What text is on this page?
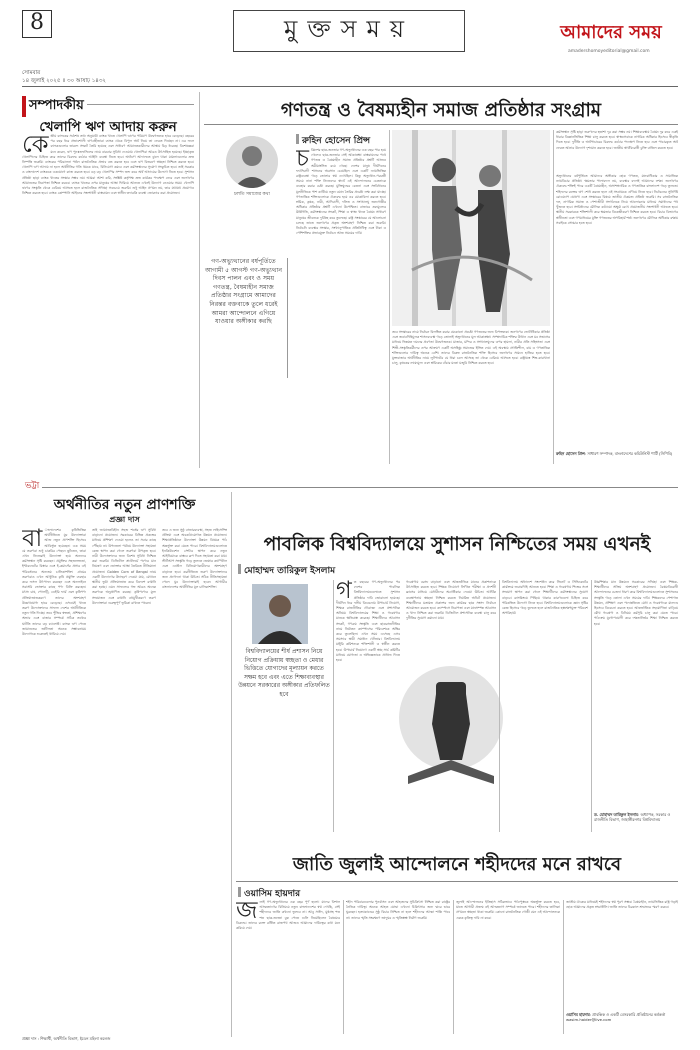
8
সোমবার
১৪ জুলাই ২০২৫ ॥ ৩০ আষাঢ় ১৪৩২
মুক্তসময়	আমাদের সময়
amadershomoyeditorial@gmail.com
সম্পাদকীয়
খেলাপি ঋণ আদায় করুন
কেন্দ্রীয় ব্যাংকের সর্বশেষ তথ্য অনুযায়ী ব্যাংক খাতে খেলাপি ঋণের পরিমাণ উদ্বেগজনক হারে বেড়েছে। বছরের পর বছর ধরে প্রভাবশালী ঋণগ্রহীতারা ব্যাংক থেকে বিপুল অর্থ নিয়ে তা ফেরত দিচ্ছেন না। এর ফলে ব্যাংকগুলোর তারল্য সংকট তৈরি হয়েছে এবং সাধারণ আমানতকারীদের আস্থায় চিড় ধরেছে। বিশেষজ্ঞরা মনে করেন, ঋণ পুনঃতফসিলের নামে বারবার সুবিধা দেওয়ায় খেলাপিরা আরও উৎসাহিত হয়েছে। ইচ্ছাকৃত খেলাপিদের চিহ্নিত করে তাদের বিরুদ্ধে কঠোর আইনি ব্যবস্থা নিতে হবে। অর্থঋণ আদালতে ঝুলে থাকা মামলাগুলোর দ্রুত নিষ্পত্তি জরুরি। ব্যাংকের পরিচালনা পর্ষদে রাজনৈতিক প্রভাব বন্ধ করতে হবে এবং ঋণ বিতরণে স্বচ্ছতা নিশ্চিত করতে হবে। খেলাপি ঋণ আদায় না হলে অর্থনীতির গতি থমকে যাবে, বিনিয়োগ কমবে এবং কর্মসংস্থানের সুযোগ সংকুচিত হবে। তাই সরকার ও বাংলাদেশ ব্যাংককে একযোগে কাজ করতে হবে। বড় বড় খেলাপির সম্পদ জব্দ করে অর্থ আদায়ের উদ্যোগ নিতে হবে। সুশাসন প্রতিষ্ঠা ছাড়া ব্যাংক খাতের সংস্কার সম্ভব নয়। আমরা আশা করি, সংশ্লিষ্ট কর্তৃপক্ষ দ্রুত কার্যকর পদক্ষেপ নেবে এবং জনগণের আমানতের নিরাপত্তা নিশ্চিত করবে। ব্যাংক খাতের ওপর মানুষের আস্থা ফিরিয়ে আনতে এখনই উদ্যোগ নেওয়ার সময়। খেলাপি ঋণের সংস্কৃতি থেকে বেরিয়ে আসতে হলে রাজনৈতিক সদিচ্ছা সবচেয়ে জরুরি। শুধু আইন প্রণয়ন নয়, তার যথাযথ প্রয়োগও নিশ্চিত করতে হবে। ব্যাংক কোম্পানি আইনের সংশোধনী বাস্তবায়ন এবং স্বাধীন তদারকি ব্যবস্থা জোরদার করা প্রয়োজন।
গণতন্ত্র ও বৈষম্যহীন সমাজ প্রতিষ্ঠার সংগ্রাম
রুহিন হোসেন প্রিন্স
চলতি সমাজের কথা
গণ-অভ্যুত্থানের বর্ষপূর্তিতে আগামী ৫ আগস্ট গণ-অভ্যুত্থান দিবস পালন এবং ও সময় গণতন্ত্র, বৈষম্যহীন সমাজ প্রতিষ্ঠার সংগ্রামে আমাদের নিরন্তর বক্তব্যকে তুলে ধরেই আমরা আন্দোলনে এগিয়ে যাওয়ার অঙ্গীকার করছি
চব্বিশের ছাত্র-জনতার গণ-অভ্যুত্থানের এক বছর পার হয়ে গেলেও ছাত্র-জনতার সেই আকাঙ্ক্ষা বাস্তবায়নের পথে গণতন্ত্র ও বৈষম্যহীন সমাজ প্রতিষ্ঠার প্রশ্নটি আজও অমীমাংসিত রয়ে গেছে। দেশের মানুষ দীর্ঘদিনের ফ্যাসিবাদী শাসনের অবসান চেয়েছিল এবং একটি ন্যায়ভিত্তিক রাষ্ট্রব্যবস্থা গড়ে তোলার স্বপ্ন দেখেছিল। কিন্তু অভ্যুত্থান-পরবর্তী সময়ে নানা শক্তি নিজেদের স্বার্থে এই আন্দোলনের চেতনাকে ব্যবহার করার চেষ্টা করছে। মুক্তিযুদ্ধের চেতনা এবং সংবিধানের মূলনীতিকে পাশ কাটিয়ে নতুন বয়ান তৈরির প্রচেষ্টা লক্ষ করা যাচ্ছে। গণতান্ত্রিক শক্তিগুলোকে ঐক্যবদ্ধ হয়ে এর মোকাবিলা করতে হবে। শ্রমিক, কৃষক, নারী, আদিবাসী, দলিত ও সংখ্যালঘু জনগোষ্ঠীর অধিকার প্রতিষ্ঠার প্রশ্নটি এখনো উপেক্ষিত। বাজারে দ্রব্যমূল্যের ঊর্ধ্বগতি, কর্মসংস্থানের সংকট, শিক্ষা ও স্বাস্থ্য খাতে বৈষম্য সাধারণ মানুষের জীবনকে দুর্বিষহ করে তুলেছে। রাষ্ট্র সংস্কারের যে আলোচনা চলছে তাতে জনগণের প্রকৃত অংশগ্রহণ নিশ্চিত করা জরুরি। নির্বাচনি ব্যবস্থার সংস্কার, সংখ্যানুপাতিক প্রতিনিধিত্ব এবং টাকা ও পেশিশক্তির প্রভাবমুক্ত নির্বাচন আজ সময়ের দাবি।
তবে সংস্কারের নামে নির্বাচন বিলম্বিত করার যেকোনো প্রচেষ্টা গণতন্ত্রের জন্য বিপজ্জনক। জনগণের ভোটাধিকার প্রতিষ্ঠা এবং জবাবদিহিমূলক শাসনব্যবস্থা গড়ে তোলাই অভ্যুত্থানের মূল আকাঙ্ক্ষা। সাম্প্রদায়িক শক্তির উত্থান এবং মব সন্ত্রাসের মাধ্যমে ভিন্নমত দমনের প্রবণতা উদ্বেগজনক। মাজার, মন্দির ও সংখ্যালঘুদের ওপর হামলা, নারীর প্রতি সহিংসতা এবং শিল্পী-সংস্কৃতিকর্মীদের ওপর আক্রমণ একটি অসহিষ্ণু সমাজের ইঙ্গিত দেয়। এই অবস্থায় প্রগতিশীল, বাম ও গণতান্ত্রিক শক্তিগুলোর দায়িত্ব অনেক বেশি। তাদের বিকল্প রাজনৈতিক শক্তি হিসেবে জনগণের সামনে হাজির হতে হবে। মুক্তবাজার অর্থনীতির নামে লুটপাটের যে ধারা চলে আসছে তা থেকে বেরিয়ে আসতে হবে। রাষ্ট্রায়ত্ত শিল্প-কারখানা চালু, কৃষকের ন্যায্যমূল্য এবং শ্রমিকের বাঁচার মতো মজুরি নিশ্চিত করতে হবে।
কর্মসংস্থান সৃষ্টি ছাড়া তরুণদের হতাশা দূর করা সম্ভব নয়। শিক্ষাব্যবস্থায় বৈষম্য দূর করে একই ধারার বিজ্ঞানভিত্তিক শিক্ষা চালু করতে হবে। স্বাস্থ্যসেবাকে নাগরিক অধিকার হিসেবে স্বীকৃতি দিতে হবে। দুর্নীতি ও অর্থপাচারের বিরুদ্ধে কঠোর পদক্ষেপ নিতে হবে এবং পাচারকৃত অর্থ ফেরত আনার উদ্যোগ দৃশ্যমান করতে হবে। জাতীয় স্বার্থবিরোধী চুক্তি বাতিল করতে হবে।
অভ্যুত্থানের বর্ষপূর্তিতে আমাদের অঙ্গীকার হোক গণতন্ত্র, মানবাধিকার ও সামাজিক ন্যায়বিচার প্রতিষ্ঠা। ক্ষমতার পালাবদল নয়, ব্যবস্থার বদলই আমাদের লক্ষ্য। জনগণের ঐক্যবদ্ধ শক্তিই পারে একটি বৈষম্যহীন, অসাম্প্রদায়িক ও গণতান্ত্রিক বাংলাদেশ গড়ে তুলতে। শহিদদের রক্তের ঋণ শোধ করতে হলে এই সংগ্রামকে এগিয়ে নিতে হবে। নির্বাচনের সুনির্দিষ্ট রোডম্যাপ ঘোষণা এবং সংস্কারের বিষয়ে জাতীয় ঐকমত্য প্রতিষ্ঠা জরুরি। সব রাজনৈতিক দল, নাগরিক সমাজ ও পেশাজীবী সংগঠনকে নিয়ে আলোচনার মাধ্যমে সমাধানের পথ খুঁজতে হবে। সংবিধানের মৌলিক কাঠামো অক্ষুণ্ণ রেখে প্রয়োজনীয় সংশোধনী আনতে হবে। স্থানীয় সরকারকে শক্তিশালী করে ক্ষমতার বিকেন্দ্রীকরণ নিশ্চিত করতে হবে। বিচার বিভাগের স্বাধীনতা এবং গণমাধ্যমের মুক্তি গণতন্ত্রের অপরিহার্য শর্ত। জনগণের মৌলিক অধিকার রক্ষায় সবাইকে সোচ্চার হতে হবে।
রুহিন হোসেন প্রিন্স: সাধারণ সম্পাদক, বাংলাদেশের কমিউনিস্ট পার্টি (সিপিবি)
ভট্টা
অর্থনীতির নতুন প্রাণশক্তি
প্রজ্ঞা দাস
বা ংলাদেশের কৃষিভিত্তিক অর্থনীতিতে যুব উদ্যোক্তারা আজ নতুন প্রাণশক্তি হিসেবে আবির্ভূত হয়েছেন। এক সময় যে তরুণরা শুধু চাকরির পেছনে ছুটতেন, তারা এখন নিজেরাই উদ্যোক্তা হয়ে অন্যদের কর্মসংস্থান সৃষ্টি করছেন। প্রযুক্তির সহজলভ্যতা, ইন্টারনেটের বিস্তার এবং ই-কমার্সের প্রসার এই পরিবর্তনের অন্যতম চালিকাশক্তি। গ্রামের তরুণরাও এখন আধুনিক কৃষি প্রযুক্তি ব্যবহার করে ফসল উৎপাদন করছেন এবং অনলাইনে সরাসরি ভোক্তার কাছে পণ্য বিক্রি করছেন। মৎস্য চাষ, পোলট্রি, ডেইরি ফার্ম এবং কৃষিপণ্য প্রক্রিয়াজাতকরণে তাদের অংশগ্রহণ উল্লেখযোগ্য হারে বেড়েছে। এসএমই খাতে তরুণ উদ্যোক্তাদের সাফল্য দেশের অর্থনীতিকে নতুন গতি দিচ্ছে। তবে পুঁজির স্বল্পতা, প্রশিক্ষণের অভাব এবং বাজার সম্পর্কে সঠিক তথ্যের ঘাটতি তাদের বড় চ্যালেঞ্জ। ব্যাংক ঋণ পেতে জামানতের জটিলতা অনেক সম্ভাবনাময় উদ্যোগকে শুরুতেই থামিয়ে দেয়।
তাই জামানতবিহীন সহজ শর্তের ঋণ সুবিধা বাড়ানো প্রয়োজন। সরকারের বিভিন্ন প্রকল্পের মাধ্যমে প্রশিক্ষণ দেওয়া হলেও তা সবার কাছে পৌঁছায় না। উপজেলা পর্যায়ে উদ্যোক্তা সহায়তা কেন্দ্র স্থাপন করা গেলে তরুণরা উপকৃত হবে। নারী উদ্যোক্তাদের জন্য বিশেষ সুবিধা নিশ্চিত করা জরুরি। ডিজিটাল প্ল্যাটফর্মে পণ্যের মান নিয়ন্ত্রণ এবং ভোক্তার আস্থা তৈরিতে নীতিমালা প্রয়োজন। Golden Corn of Bengal নামে একটি উদ্যোগের উদাহরণ দেওয়া যায়, যেখানে স্থানীয় ভুট্টা প্রক্রিয়াজাত করে বিদেশে রপ্তানি করা হচ্ছে। এমন সাফল্যের গল্প আরও অনেক তরুণকে অনুপ্রাণিত করছে। কৃষিপণ্যের মূল্য সংযোজন এবং রপ্তানি বহুমুখীকরণে তরুণ উদ্যোক্তারা গুরুত্বপূর্ণ ভূমিকা রাখতে পারেন।
তবে এ জন্য সুষ্ঠু বাজারব্যবস্থা, সহজ লাইসেন্সিং প্রক্রিয়া এবং অবকাঠামোগত উন্নয়ন প্রয়োজন। শিক্ষাপ্রতিষ্ঠানে উদ্যোক্তা উন্নয়ন বিষয়ক পাঠ অন্তর্ভুক্ত করা যেতে পারে। বিশ্ববিদ্যালয়গুলোতে ইনকিউবেশন সেন্টার স্থাপন করে নতুন আইডিয়াকে বাস্তবে রূপ দিতে সহায়তা করা যায়। স্টার্টআপ সংস্কৃতি গড়ে তুলতে ভেঞ্চার ক্যাপিটাল এবং এঞ্জেল বিনিয়োগকারীদের অংশগ্রহণ বাড়াতে হবে। করনীতিতে তরুণ উদ্যোক্তাদের জন্য প্রণোদনা থাকা উচিত। সঠিক নীতিসহায়তা পেলে যুব উদ্যোক্তারাই হবেন আগামীর বাংলাদেশের অর্থনীতির মূল চালিকাশক্তি।
প্রজ্ঞা দাস : শিক্ষার্থী, অর্থনীতি বিভাগ, ইডেন মহিলা কলেজ
পাবলিক বিশ্ববিদ্যালয়ে সুশাসন নিশ্চিতের সময় এখনই
মোহাম্মদ তারিকুল ইসলাম
বিশ্ববিদ্যালয়ের শীর্ষ প্রশাসন নিয়ে নিয়োগ প্রক্রিয়ায় স্বচ্ছতা ও মেধার ভিত্তিতে যোগ্যদের মূল্যায়ন করতে সক্ষম হবে এবং এতে শিক্ষাব্যবস্থার উন্নয়নে সরকারের অঙ্গীকার প্রতিফলিত হবে
গত বছরের গণ-অভ্যুত্থানের পর দেশের পাবলিক বিশ্ববিদ্যালয়গুলোতে সুশাসন প্রতিষ্ঠার দাবি জোরালো হয়েছে। দীর্ঘদিন ধরে দলীয় বিবেচনায় উপাচার্য নিয়োগ, শিক্ষক রাজনীতির দৌরাত্ম্য এবং প্রশাসনিক অনিয়ম বিশ্ববিদ্যালয়ের শিক্ষা ও গবেষণার মানকে ক্ষতিগ্রস্ত করেছে। শিক্ষার্থীদের আবাসন সংকট, গণরুম সংস্কৃতি এবং ছাত্ররাজনীতির নামে নির্যাতন ক্যাম্পাসের পরিবেশকে অস্থির করে তুলেছিল। এখন সময় এসেছে এসব সমস্যার স্থায়ী সমাধান খোঁজার। বিশ্ববিদ্যালয় মঞ্জুরি কমিশনকে শক্তিশালী ও স্বাধীন করতে হবে। উপাচার্য নিয়োগে একটি স্বচ্ছ সার্চ কমিটির মাধ্যমে যোগ্যতা ও অভিজ্ঞতাকে প্রাধান্য দিতে হবে।
গবেষণায় বরাদ্দ বাড়ানো এবং আন্তর্জাতিক মানের প্রকাশনাকে উৎসাহিত করতে হবে। শিক্ষক নিয়োগে লিখিত পরীক্ষা ও প্রদর্শনী ক্লাসের মাধ্যমে মেধাবীদের অগ্রাধিকার দেওয়া উচিত। আর্থিক ব্যবস্থাপনায় স্বচ্ছতা নিশ্চিত করতে নিয়মিত অডিট প্রয়োজন। শিক্ষার্থীদের মতামত প্রকাশের জন্য কার্যকর ছাত্র সংসদ নির্বাচন আয়োজন করতে হবে। ক্যাম্পাসে নিরাপত্তা এবং মানসম্পন্ন আবাসন ও খাদ্য নিশ্চিত করা জরুরি। ডিজিটাল প্রশাসনিক ব্যবস্থা চালু করে দুর্নীতির সুযোগ কমানো যায়।
বিশ্ববিদ্যালয় অধ্যাদেশ সংশোধন করে সিনেট ও সিন্ডিকেটের কার্যক্রমে জবাবদিহি আনতে হবে। শিক্ষা ও গবেষণায় শিল্পের সঙ্গে সংযোগ স্থাপন করা গেলে শিক্ষার্থীদের কর্মসংস্থানের সুযোগ বাড়বে। র‍্যাংকিংয়ে পিছিয়ে থাকার কারণগুলো চিহ্নিত করে পরিকল্পিত উদ্যোগ নিতে হবে। বিশ্ববিদ্যালয়গুলোকে জ্ঞান সৃষ্টির কেন্দ্র হিসেবে গড়ে তুলতে হলে রাজনৈতিক হস্তক্ষেপমুক্ত পরিবেশ অপরিহার্য।
উচ্চশিক্ষার মান উন্নয়নে সরকারের সদিচ্ছা এবং শিক্ষক-শিক্ষার্থীদের সক্রিয় অংশগ্রহণ প্রয়োজন। বৈষম্যবিরোধী আন্দোলনের চেতনা ধারণ করে বিশ্ববিদ্যালয়গুলোতে সুশাসনের সংস্কৃতি গড়ে তোলা এখন সময়ের দাবি। শিক্ষকদের পেশাগত উন্নয়ন, প্রশিক্ষণ এবং পদোন্নতিতে মেধা ও গবেষণাকে মানদণ্ড হিসেবে বিবেচনা করতে হবে। আন্তর্জাতিক সহযোগিতা বাড়িয়ে যৌথ গবেষণা ও বিনিময় কর্মসূচি চালু করা যেতে পারে। পাঠ্যক্রম যুগোপযোগী করে দক্ষতানির্ভর শিক্ষা নিশ্চিত করতে হবে।
ড. মোহাম্মদ তারিকুল ইসলাম: অধ্যাপক, সরকার ও রাজনীতি বিভাগ, জাহাঙ্গীরনগর বিশ্ববিদ্যালয়
জাতি জুলাই আন্দোলনে শহীদদের মনে রাখবে
ওয়াসিম হায়দার
জলাই গণ-অভ্যুত্থানের এক বছর পূর্ণ হলো। যাদের বিশাল আত্মত্যাগের বিনিময়ে নতুন বাংলাদেশের স্বপ্ন দেখছি, সেই শহীদদের জাতি কখনো ভুলবে না। আবু সাঈদ, মুগ্ধসহ শত শত ছাত্র-জনতা বুক পেতে গুলি নিয়েছিলেন বৈষম্যের বিরুদ্ধে। তাদের রক্তে রঞ্জিত রাজপথ আজও আমাদের দায়িত্বের কথা মনে করিয়ে দেয়।
শহীদ পরিবারগুলোর পুনর্বাসন এবং আহতদের সুচিকিৎসা নিশ্চিত করা রাষ্ট্রের নৈতিক দায়িত্ব। অনেক আহত যোদ্ধা এখনো চিকিৎসার জন্য দ্বারে দ্বারে ঘুরছেন। হত্যাকাণ্ডের সুষ্ঠু বিচার নিশ্চিত না হলে শহীদদের আত্মা শান্তি পাবে না। তাদের স্মৃতি সংরক্ষণে জাদুঘর ও স্মৃতিস্তম্ভ নির্মাণ জরুরি।
জুলাই আন্দোলনের ইতিহাস সঠিকভাবে পাঠ্যপুস্তকে অন্তর্ভুক্ত করতে হবে, যাতে আগামী প্রজন্ম এই আত্মত্যাগ সম্পর্কে জানতে পারে। শহীদদের তালিকা প্রণয়নে স্বচ্ছতা থাকা জরুরি। কোনো রাজনৈতিক গোষ্ঠী যেন এই আন্দোলনকে একক কৃতিত্ব দাবি না করে।
জাতীয় ঐক্যের মাধ্যমেই শহীদদের স্বপ্ন পূরণ সম্ভব। বৈষম্যহীন, ন্যায়ভিত্তিক রাষ্ট্র গড়াই হোক আমাদের প্রকৃত শ্রদ্ধাঞ্জলি। জাতি তাদের চিরকাল শ্রদ্ধাভরে স্মরণ করবে।
ওয়াসিম হায়দার: প্রাবন্ধিক ও একটি বেসরকারি প্রতিষ্ঠানের কর্মকর্তা
wasim.haider@live.com
